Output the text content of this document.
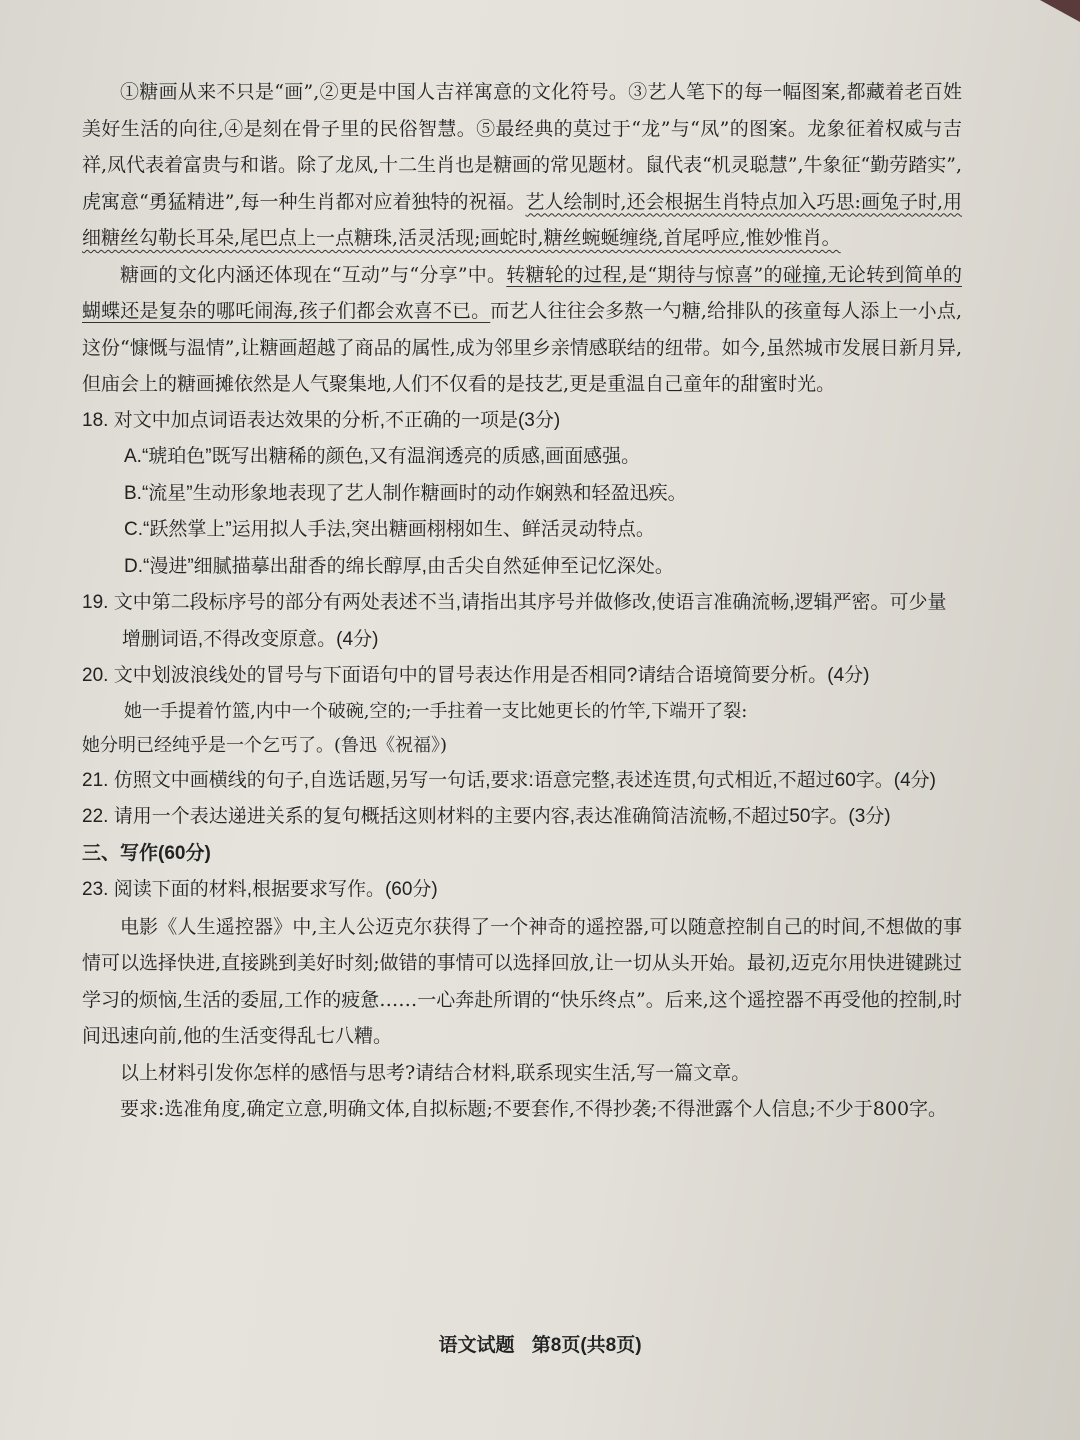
①糖画从来不只是“画”,②更是中国人吉祥寓意的文化符号。③艺人笔下的每一幅图案,都藏着老百姓美好生活的向往,④是刻在骨子里的民俗智慧。⑤最经典的莫过于“龙”与“凤”的图案。龙象征着权威与吉祥,凤代表着富贵与和谐。除了龙凤,十二生肖也是糖画的常见题材。鼠代表“机灵聪慧”,牛象征“勤劳踏实”,虎寓意“勇猛精进”,每一种生肖都对应着独特的祝福。艺人绘制时,还会根据生肖特点加入巧思:画兔子时,用细糖丝勾勒长耳朵,尾巴点上一点糖珠,活灵活现;画蛇时,糖丝蜿蜒缠绕,首尾呼应,惟妙惟肖。

糖画的文化内涵还体现在“互动”与“分享”中。转糖轮的过程,是“期待与惊喜”的碰撞,无论转到简单的蝴蝶还是复杂的哪吒闹海,孩子们都会欢喜不已。而艺人往往会多熬一勺糖,给排队的孩童每人添上一小点,这份“慷慨与温情”,让糖画超越了商品的属性,成为邻里乡亲情感联结的纽带。如今,虽然城市发展日新月异,但庙会上的糖画摊依然是人气聚集地,人们不仅看的是技艺,更是重温自己童年的甜蜜时光。

18. 对文中加点词语表达效果的分析,不正确的一项是(3分)

A.“琥珀色”既写出糖稀的颜色,又有温润透亮的质感,画面感强。

B.“流星”生动形象地表现了艺人制作糖画时的动作娴熟和轻盈迅疾。

C.“跃然掌上”运用拟人手法,突出糖画栩栩如生、鲜活灵动特点。

D.“漫进”细腻描摹出甜香的绵长醇厚,由舌尖自然延伸至记忆深处。

19. 文中第二段标序号的部分有两处表述不当,请指出其序号并做修改,使语言准确流畅,逻辑严密。可少量增删词语,不得改变原意。(4分)

20. 文中划波浪线处的冒号与下面语句中的冒号表达作用是否相同?请结合语境简要分析。(4分)

她一手提着竹篮,内中一个破碗,空的;一手拄着一支比她更长的竹竿,下端开了裂:

她分明已经纯乎是一个乞丐了。(鲁迅《祝福》)

21. 仿照文中画横线的句子,自选话题,另写一句话,要求:语意完整,表述连贯,句式相近,不超过60字。(4分)

22. 请用一个表达递进关系的复句概括这则材料的主要内容,表达准确简洁流畅,不超过50字。(3分)

三、写作(60分)

23. 阅读下面的材料,根据要求写作。(60分)

电影《人生遥控器》中,主人公迈克尔获得了一个神奇的遥控器,可以随意控制自己的时间,不想做的事情可以选择快进,直接跳到美好时刻;做错的事情可以选择回放,让一切从头开始。最初,迈克尔用快进键跳过学习的烦恼,生活的委屈,工作的疲惫……一心奔赴所谓的“快乐终点”。后来,这个遥控器不再受他的控制,时间迅速向前,他的生活变得乱七八糟。

以上材料引发你怎样的感悟与思考?请结合材料,联系现实生活,写一篇文章。

要求:选准角度,确定立意,明确文体,自拟标题;不要套作,不得抄袭;不得泄露个人信息;不少于800字。

语文试题 第8页(共8页)
